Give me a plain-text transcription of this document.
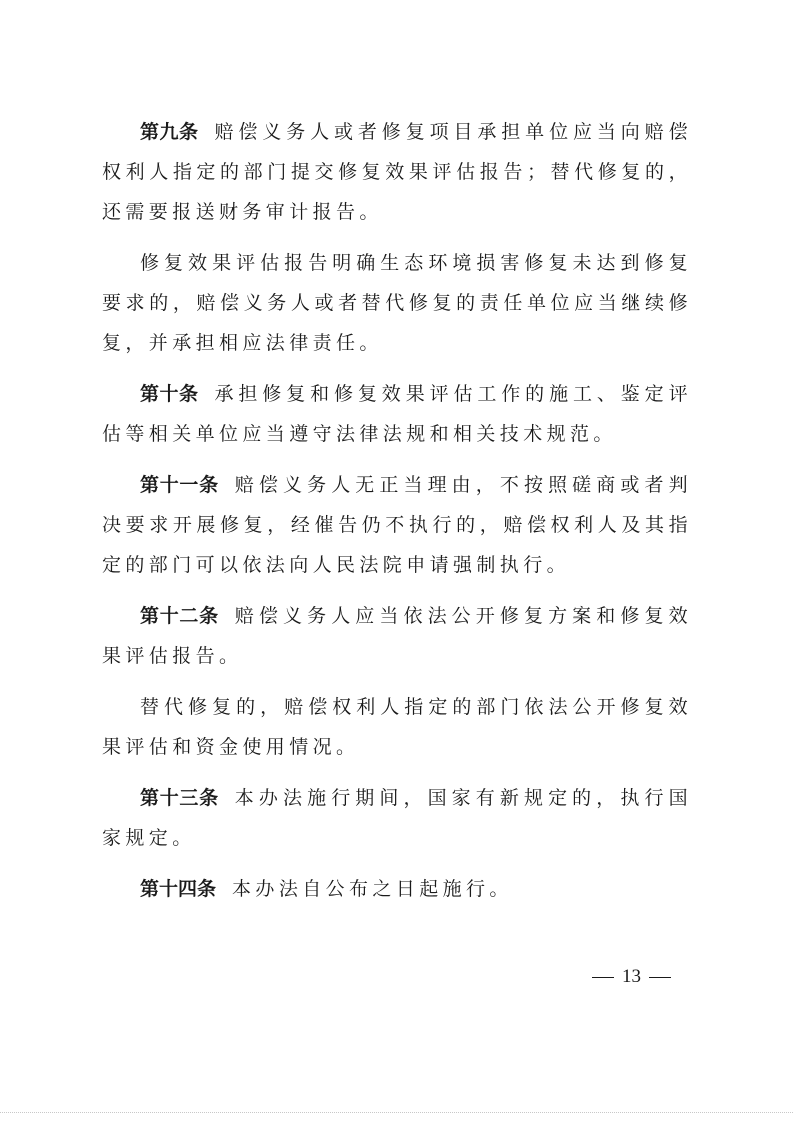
第九条 赔偿义务人或者修复项目承担单位应当向赔偿权利人指定的部门提交修复效果评估报告；替代修复的，还需要报送财务审计报告。

修复效果评估报告明确生态环境损害修复未达到修复要求的，赔偿义务人或者替代修复的责任单位应当继续修复，并承担相应法律责任。

第十条 承担修复和修复效果评估工作的施工、鉴定评估等相关单位应当遵守法律法规和相关技术规范。

第十一条 赔偿义务人无正当理由，不按照磋商或者判决要求开展修复，经催告仍不执行的，赔偿权利人及其指定的部门可以依法向人民法院申请强制执行。

第十二条 赔偿义务人应当依法公开修复方案和修复效果评估报告。

替代修复的，赔偿权利人指定的部门依法公开修复效果评估和资金使用情况。

第十三条 本办法施行期间，国家有新规定的，执行国家规定。

第十四条 本办法自公布之日起施行。

13
